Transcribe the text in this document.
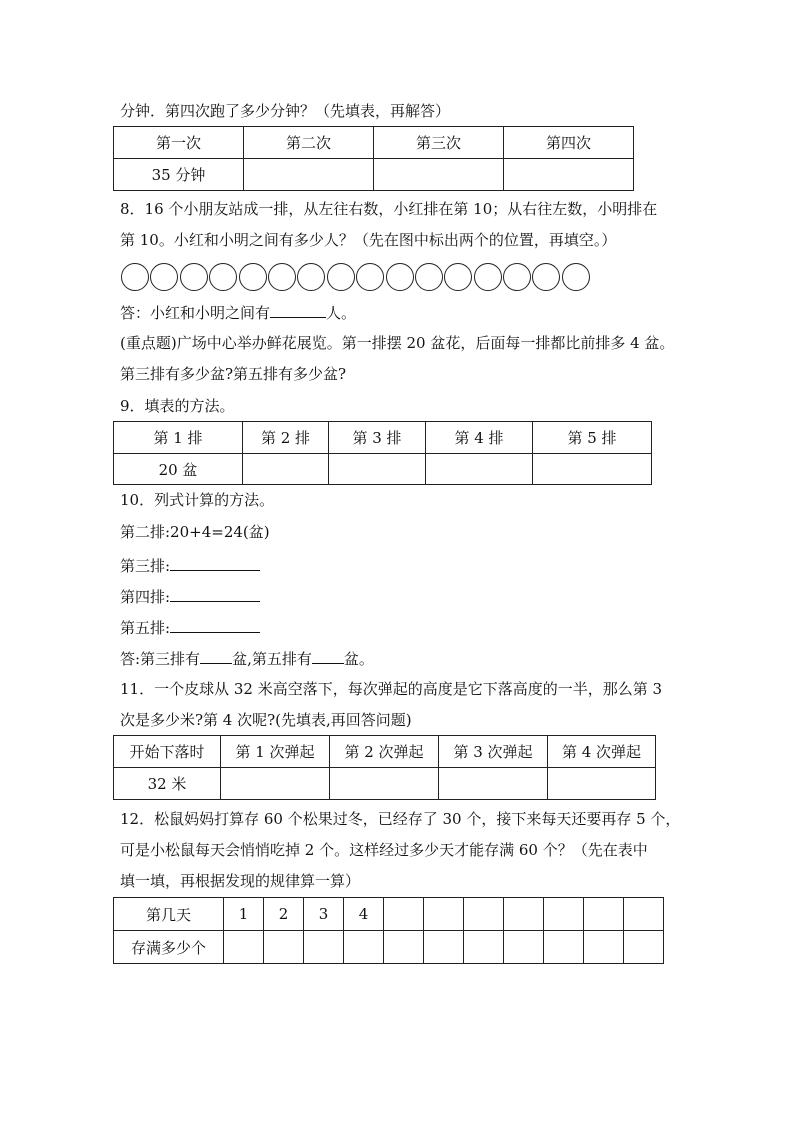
分钟．第四次跑了多少分钟？（先填表，再解答）
第一次	第二次	第三次	第四次
35 分钟			
8．16 个小朋友站成一排，从左往右数，小红排在第 10；从右往左数，小明排在
第 10。小红和小明之间有多少人？（先在图中标出两个的位置，再填空。）
答：小红和小明之间有	人。
(重点题)广场中心举办鲜花展览。第一排摆 20 盆花，后面每一排都比前排多 4 盆。
第三排有多少盆?第五排有多少盆?
9．填表的方法。
第 1 排	第 2 排	第 3 排	第 4 排	第 5 排
20 盆				
10．列式计算的方法。
第二排:20+4=24(盆)
第三排:
第四排:
第五排:
答:第三排有 盆,第五排有 盆。
11．一个皮球从 32 米高空落下，每次弹起的高度是它下落高度的一半，那么第 3
次是多少米?第 4 次呢?(先填表,再回答问题)
开始下落时	第 1 次弹起	第 2 次弹起	第 3 次弹起	第 4 次弹起
32 米				
12．松鼠妈妈打算存 60 个松果过冬，已经存了 30 个，接下来每天还要再存 5 个，
可是小松鼠每天会悄悄吃掉 2 个。这样经过多少天才能存满 60 个？（先在表中
填一填，再根据发现的规律算一算）
第几天	1	2	3	4							
存满多少个											
